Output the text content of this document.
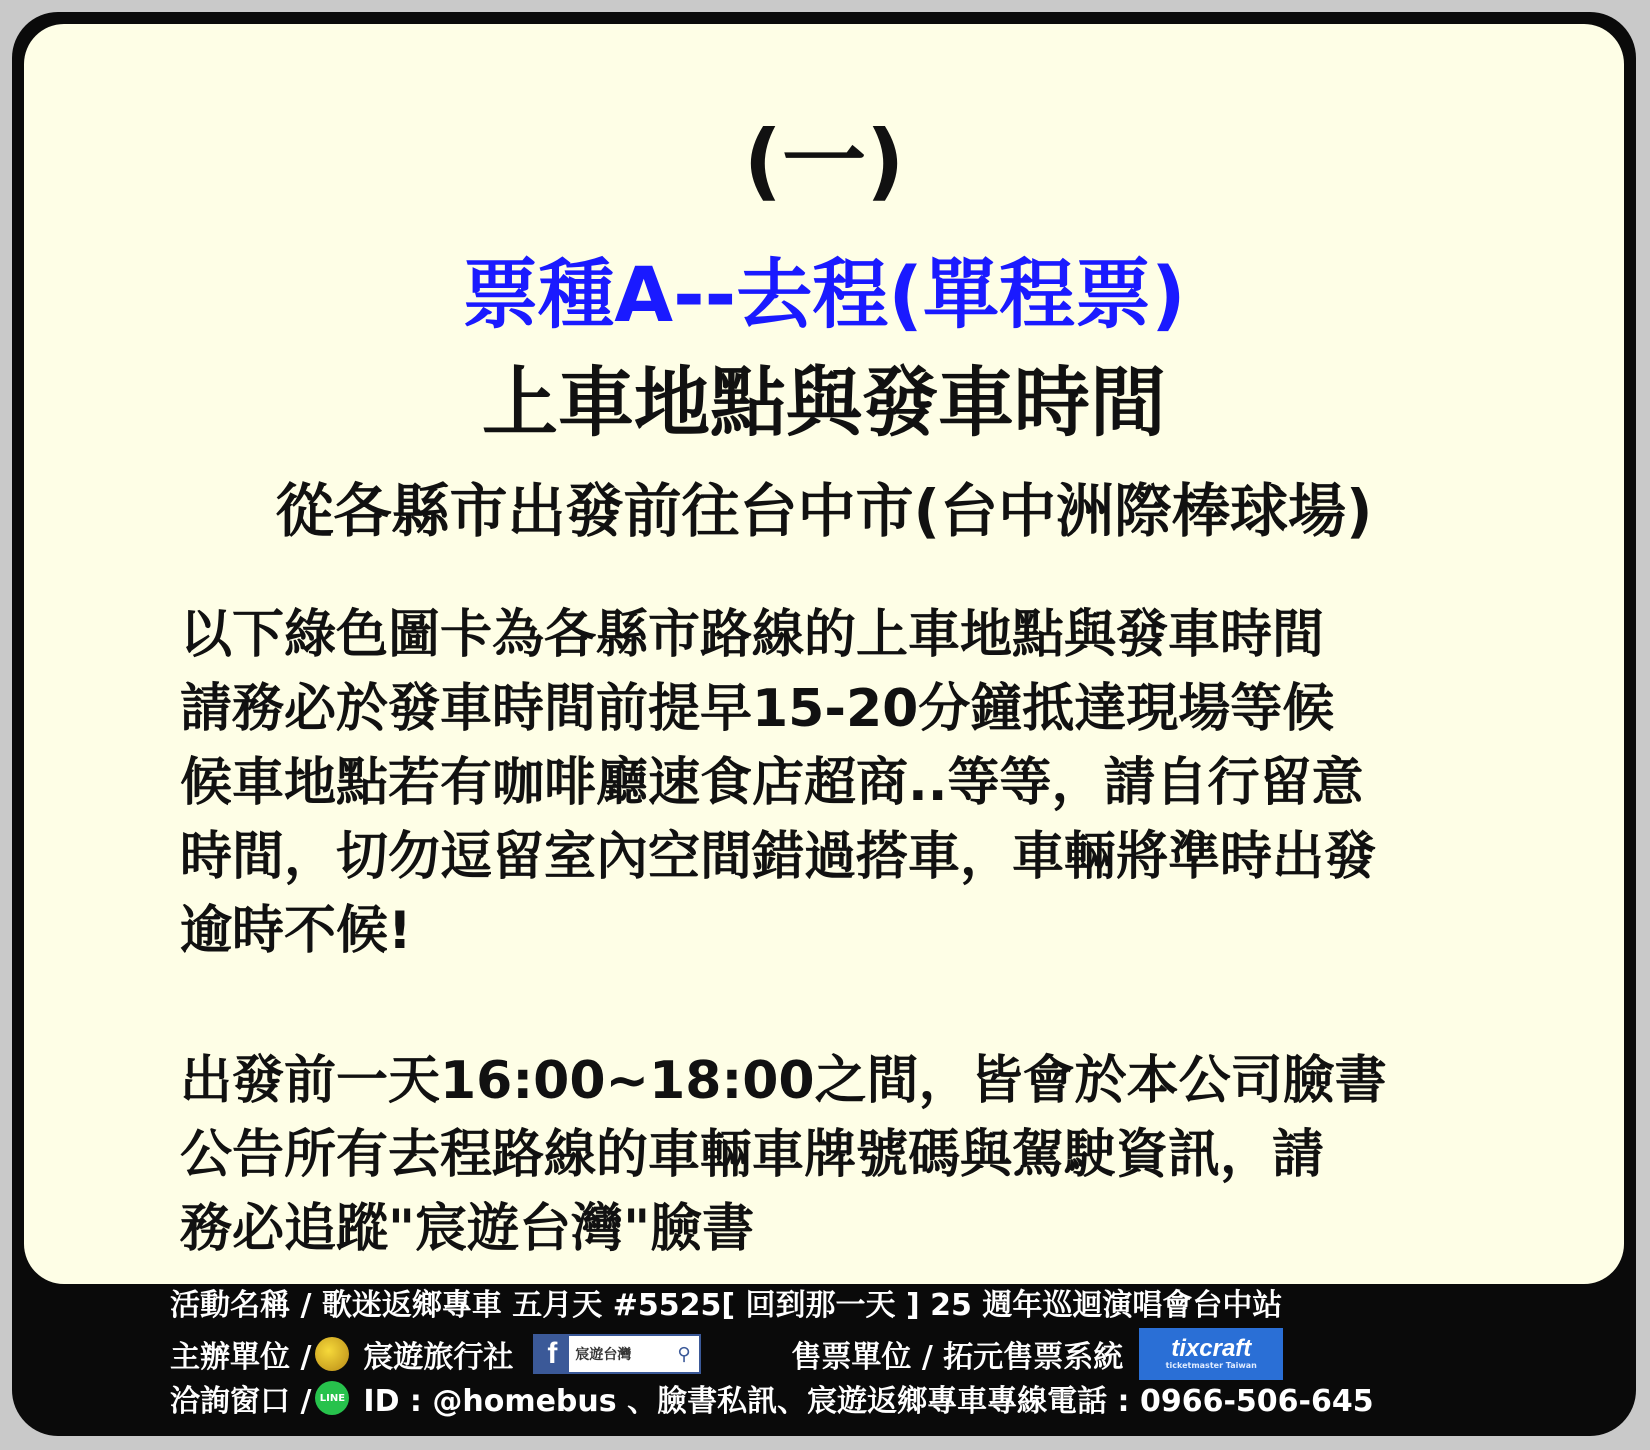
(一)
票種A--去程(單程票)
上車地點與發車時間
從各縣市出發前往台中市(台中洲際棒球場)
以下綠色圖卡為各縣市路線的上車地點與發車時間
請務必於發車時間前提早15-20分鐘抵達現場等候
候車地點若有咖啡廳速食店超商..等等，請自行留意
時間，切勿逗留室內空間錯過搭車，車輛將準時出發
逾時不候!
出發前一天16:00~18:00之間，皆會於本公司臉書
公告所有去程路線的車輛車牌號碼與駕駛資訊，請
務必追蹤"宸遊台灣"臉書
活動名稱 / 歌迷返鄉專車 五月天 #5525[ 回到那一天 ] 25 週年巡迴演唱會台中站
主辦單位 / 宸遊旅行社	f	宸遊台灣	⚲	售票單位 / 拓元售票系統 tixcraft
ticketmaster Taiwan
洽詢窗口 / LINE ID : @homebus 、臉書私訊、宸遊返鄉專車專線電話 : 0966-506-645
